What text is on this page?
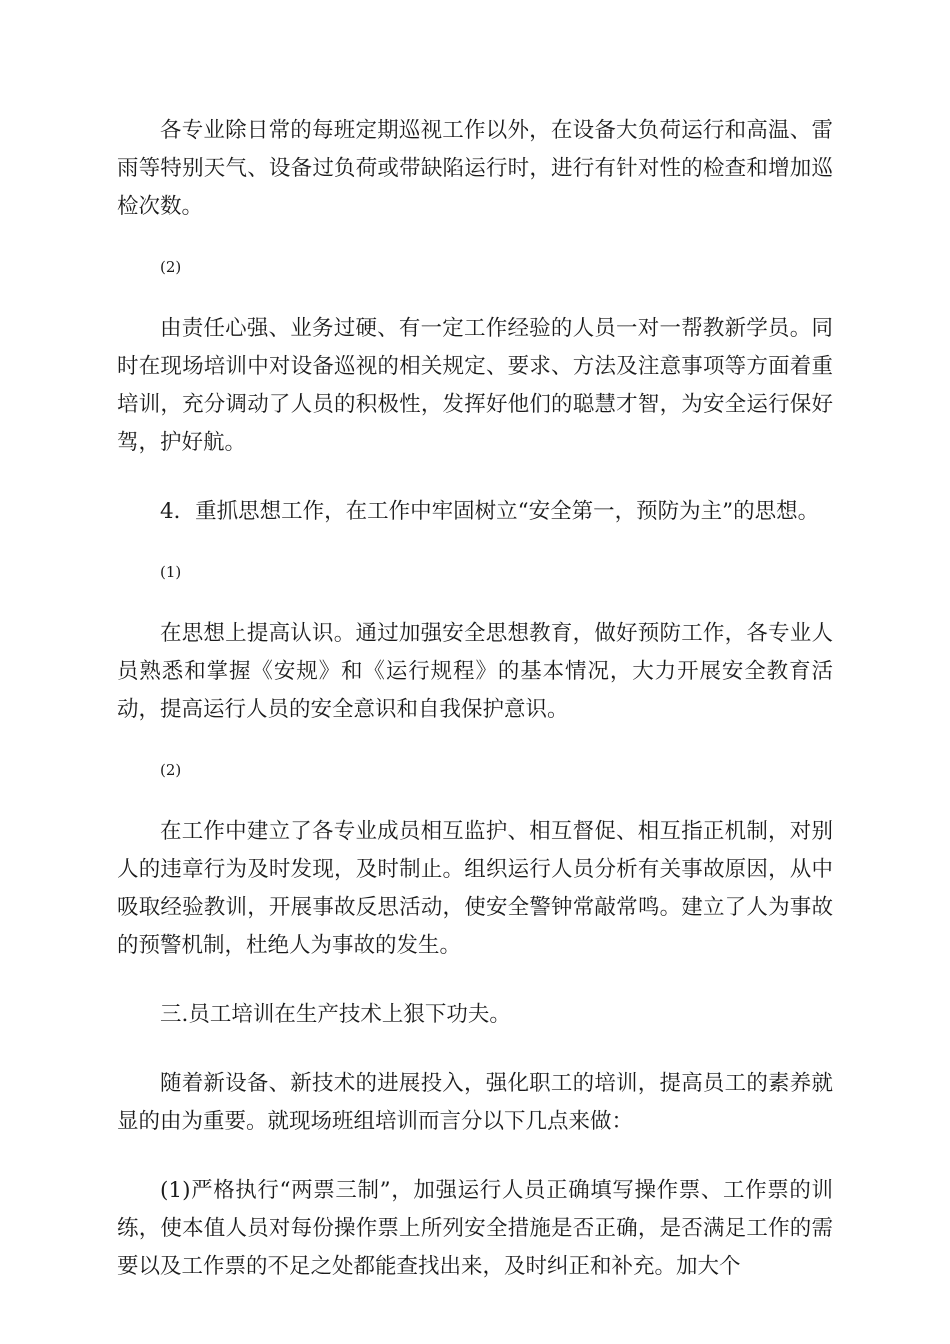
各专业除日常的每班定期巡视工作以外，在设备大负荷运行和高温、雷雨等特别天气、设备过负荷或带缺陷运行时，进行有针对性的检查和增加巡检次数。

(2)

由责任心强、业务过硬、有一定工作经验的人员一对一帮教新学员。同时在现场培训中对设备巡视的相关规定、要求、方法及注意事项等方面着重培训，充分调动了人员的积极性，发挥好他们的聪慧才智，为安全运行保好驾，护好航。

4．重抓思想工作，在工作中牢固树立“安全第一，预防为主”的思想。

(1)

在思想上提高认识。通过加强安全思想教育，做好预防工作，各专业人员熟悉和掌握《安规》和《运行规程》的基本情况，大力开展安全教育活动，提高运行人员的安全意识和自我保护意识。

(2)

在工作中建立了各专业成员相互监护、相互督促、相互指正机制，对别人的违章行为及时发现，及时制止。组织运行人员分析有关事故原因，从中吸取经验教训，开展事故反思活动，使安全警钟常敲常鸣。建立了人为事故的预警机制，杜绝人为事故的发生。

三.员工培训在生产技术上狠下功夫。

随着新设备、新技术的进展投入，强化职工的培训，提高员工的素养就显的由为重要。就现场班组培训而言分以下几点来做：

(1)严格执行“两票三制”，加强运行人员正确填写操作票、工作票的训练，使本值人员对每份操作票上所列安全措施是否正确，是否满足工作的需要以及工作票的不足之处都能查找出来，及时纠正和补充。加大个
